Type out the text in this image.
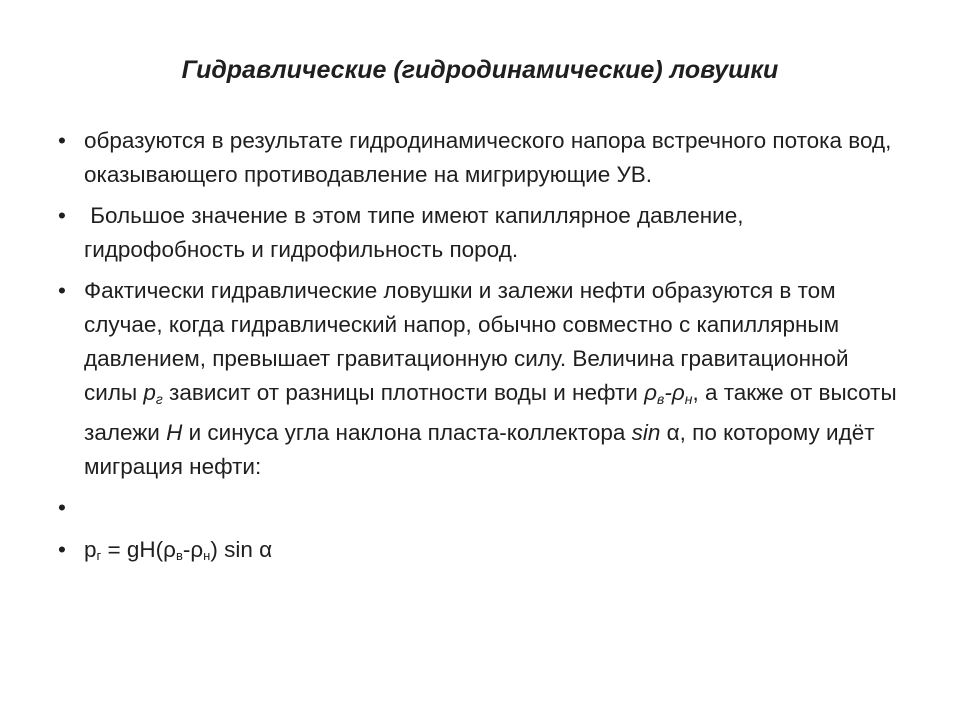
Гидравлические (гидродинамические) ловушки
• образуются в результате гидродинамического напора встречного потока вод, оказывающего противодавление на мигрирующие УВ.
• Большое значение в этом типе имеют капиллярное давление, гидрофобность и гидрофильность пород.
• Фактически гидравлические ловушки и залежи нефти образуются в том случае, когда гидравлический напор, обычно совместно с капиллярным давлением, превышает гравитационную силу. Величина гравитационной силы pг зависит от разницы плотности воды и нефти ρв-ρн, а также от высоты залежи H и синуса угла наклона пласта-коллектора sin α, по которому идёт миграция нефти:
•
• pг = gH(ρв-ρн) sin α
